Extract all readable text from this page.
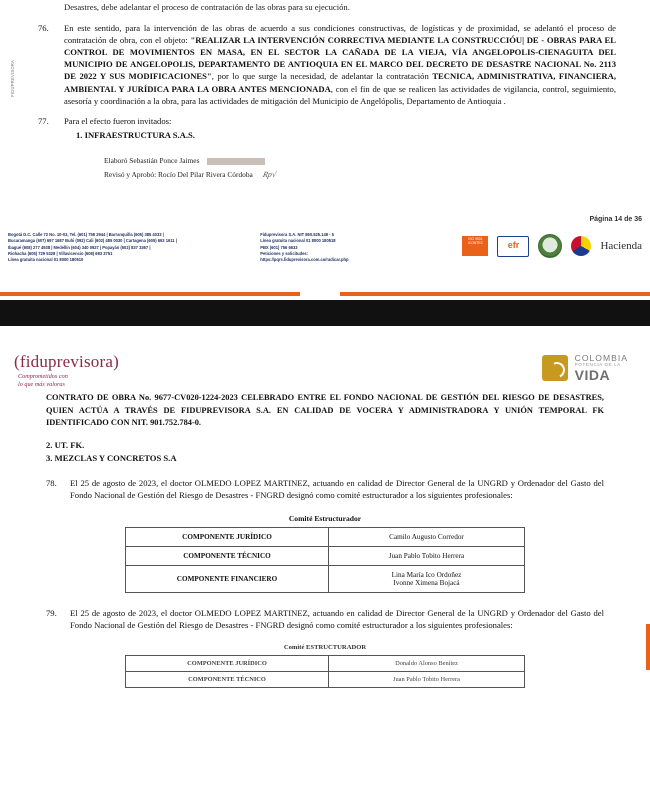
FIDUPREVISORA
Desastres, debe adelantar el proceso de contratación de las obras para su ejecución.
76.	En este sentido, para la intervención de las obras de acuerdo a sus condiciones constructivas, de logísticas y de proximidad, se adelantó el proceso de contratación de obra, con el objeto: "REALIZAR LA INTERVENCIÓN CORRECTIVA MEDIANTE LA CONSTRUCCIÓU| DE - OBRAS PARA EL CONTROL DE MOVIMIENTOS EN MASA, EN EL SECTOR LA CAÑADA DE LA VIEJA, VÍA ANGELOPOLIS-CIENAGUITA DEL MUNICIPIO DE ANGELOPOLIS, DEPARTAMENTO DE ANTIOQUIA EN EL MARCO DEL DECRETO DE DESASTRE NACIONAL No. 2113 DE 2022 Y SUS MODIFICACIONES", por lo que surge la necesidad, de adelantar la contratación TECNICA, ADMINISTRATIVA, FINANCIERA, AMBIENTAL Y JURÍDICA PARA LA OBRA ANTES MENCIONADA, con el fin de que se realicen las actividades de vigilancia, control, seguimiento, asesoría y coordinación a la obra, para las actividades de mitigación del Municipio de Angelópolis, Departamento de Antioquia .
77.	Para el efecto fueron invitados:
1. INFRAESTRUCTURA S.A.S.
Elaboró Sebastián Ponce Jaimes
Revisó y Aprobó: Rocío Del Pilar Rivera Córdoba Rp√
Página 14 de 36
Bogotá D.C. Calle 72 No. 10-03, Tel. (601) 758 2944 | Barranquilla (605) 385 4033 |
Bucaramanga (607) 697 1687 Buhi (092) Cali (602) 485 0030 | Cartagena (605) 693 1611 |
Ibagué (608) 277 4938 | Medellín (604) 340 0927 | Popayán (602) 837 3367 |
Riohacha (605) 729 5328 | Villavicencio (608) 683 3751
Línea gratuita nacional 01 8000 180510
Fiduprevisora S.A. NIT 860.525.148 - 5
Línea gratuita nacional 01 8000 180518
PBX (601) 756 6633
Peticiones y solicitudes:
https://pqrs.fiduprevisora.com.co/radicar.php
ISO 9001 ICONTEC	efr	Hacienda
(fiduprevisora)
Comprometidos con
lo que más valoras
COLOMBIA
POTENCIA DE LA
VIDA
CONTRATO DE OBRA No. 9677-CV020-1224-2023 CELEBRADO ENTRE EL FONDO NACIONAL DE GESTIÓN DEL RIESGO DE DESASTRES, QUIEN ACTÚA A TRAVÉS DE FIDUPREVISORA S.A. EN CALIDAD DE VOCERA Y ADMINISTRADORA Y UNIÓN TEMPORAL FK IDENTIFICADO CON NIT. 901.752.784-0.
2. UT. FK.
3. MEZCLAS Y CONCRETOS S.A
78.	El 25 de agosto de 2023, el doctor OLMEDO LOPEZ MARTINEZ, actuando en calidad de Director General de la UNGRD y Ordenador del Gasto del Fondo Nacional de Gestión del Riesgo de Desastres - FNGRD designó como comité estructurador a los siguientes profesionales:
Comité Estructurador
COMPONENTE JURÍDICO	Camilo Augusto Corredor
COMPONENTE TÉCNICO	Juan Pablo Tobito Herrera
COMPONENTE FINANCIERO	Lina María Ico Ordoñez
Ivonne Ximena Bojacá
79.	El 25 de agosto de 2023, el doctor OLMEDO LOPEZ MARTINEZ, actuando en calidad de Director General de la UNGRD y Ordenador del Gasto del Fondo Nacional de Gestión del Riesgo de Desastres - FNGRD designó como comité estructurador a los siguientes profesionales:
Comité ESTRUCTURADOR
COMPONENTE JURÍDICO	Donaldo Alonso Benítez
COMPONENTE TÉCNICO	Juan Pablo Tobito Herrera
